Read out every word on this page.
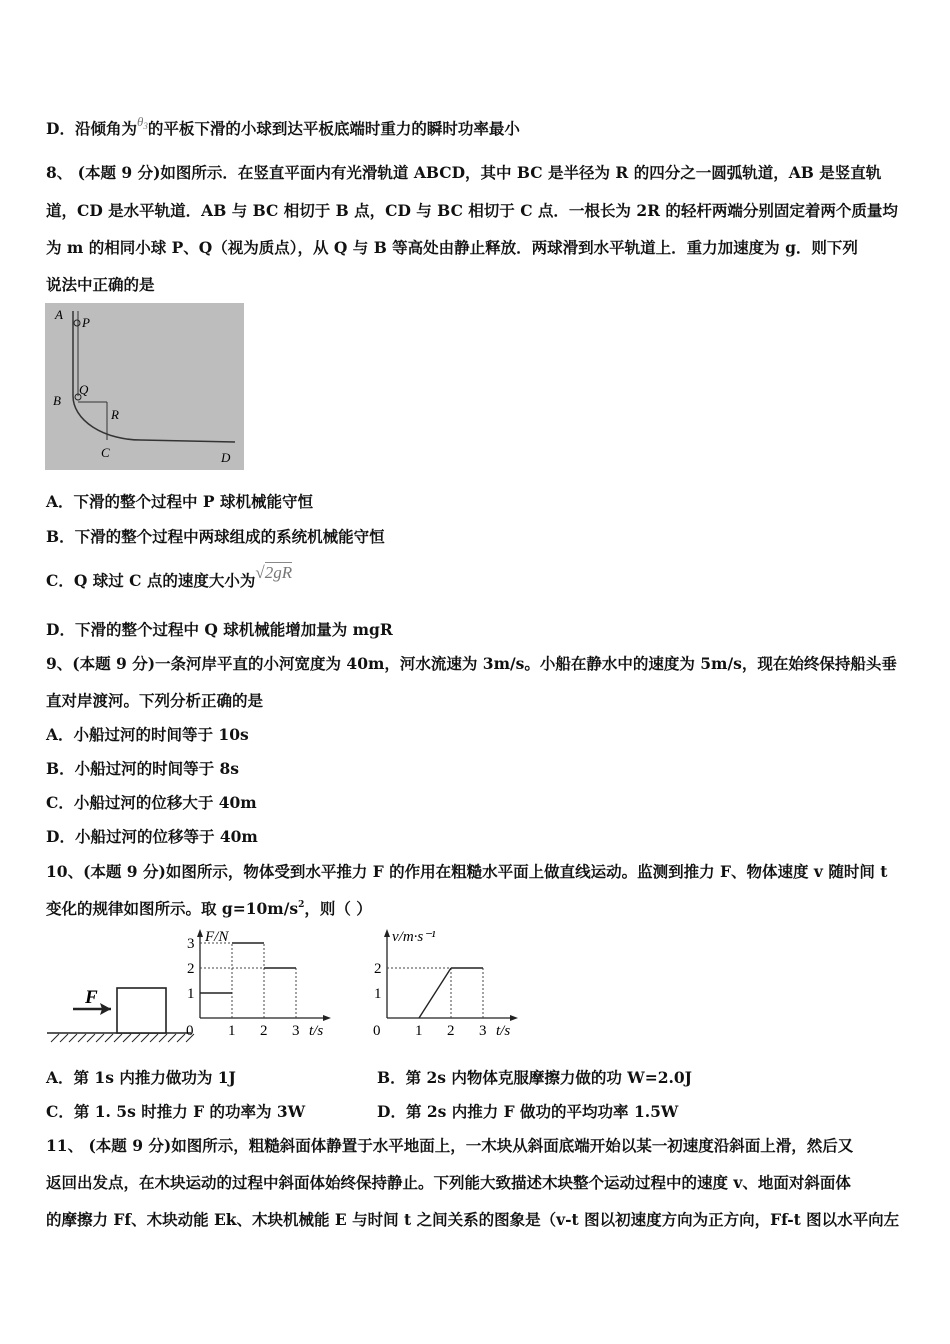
D．沿倾角为$^{\theta_3}$的平板下滑的小球到达平板底端时重力的瞬时功率最小
8、 (本题 9 分)如图所示．在竖直平面内有光滑轨道 ABCD，其中 BC 是半径为 R 的四分之一圆弧轨道，AB 是竖直轨
道，CD 是水平轨道．AB 与 BC 相切于 B 点，CD 与 BC 相切于 C 点．一根长为 2R 的轻杆两端分别固定着两个质量均
为 m 的相同小球 P、Q（视为质点），从 Q 与 B 等高处由静止释放．两球滑到水平轨道上．重力加速度为 g．则下列
说法中正确的是
A
P
Q
B
R
C	D
A．下滑的整个过程中 P 球机械能守恒
B．下滑的整个过程中两球组成的系统机械能守恒
C．Q 球过 C 点的速度大小为√2gR
D．下滑的整个过程中 Q 球机械能增加量为 mgR
9、(本题 9 分)一条河岸平直的小河宽度为 40m，河水流速为 3m/s。小船在静水中的速度为 5m/s，现在始终保持船头垂
直对岸渡河。下列分析正确的是
A．小船过河的时间等于 10s
B．小船过河的时间等于 8s
C．小船过河的位移大于 40m
D．小船过河的位移等于 40m
10、(本题 9 分)如图所示，物体受到水平推力 F 的作用在粗糙水平面上做直线运动。监测到推力 F、物体速度 v 随时间 t
变化的规律如图所示。取 $g=10m/s^2$，则（ ）
F
F/N
t/s
0 1 2 3
3
2
1
v/m·s⁻¹
t/s
0 1 2 3
2
1
A．第 1s 内推力做功为 1J	B．第 2s 内物体克服摩擦力做的功 W=2.0J
C．第 1. 5s 时推力 F 的功率为 3W	D．第 2s 内推力 F 做功的平均功率 1.5W
11、 (本题 9 分)如图所示，粗糙斜面体静置于水平地面上，一木块从斜面底端开始以某一初速度沿斜面上滑，然后又
返回出发点，在木块运动的过程中斜面体始终保持静止。下列能大致描述木块整个运动过程中的速度 v、地面对斜面体
的摩擦力 Ff、木块动能 Ek、木块机械能 E 与时间 t 之间关系的图象是（v-t 图以初速度方向为正方向，Ff-t 图以水平向左
